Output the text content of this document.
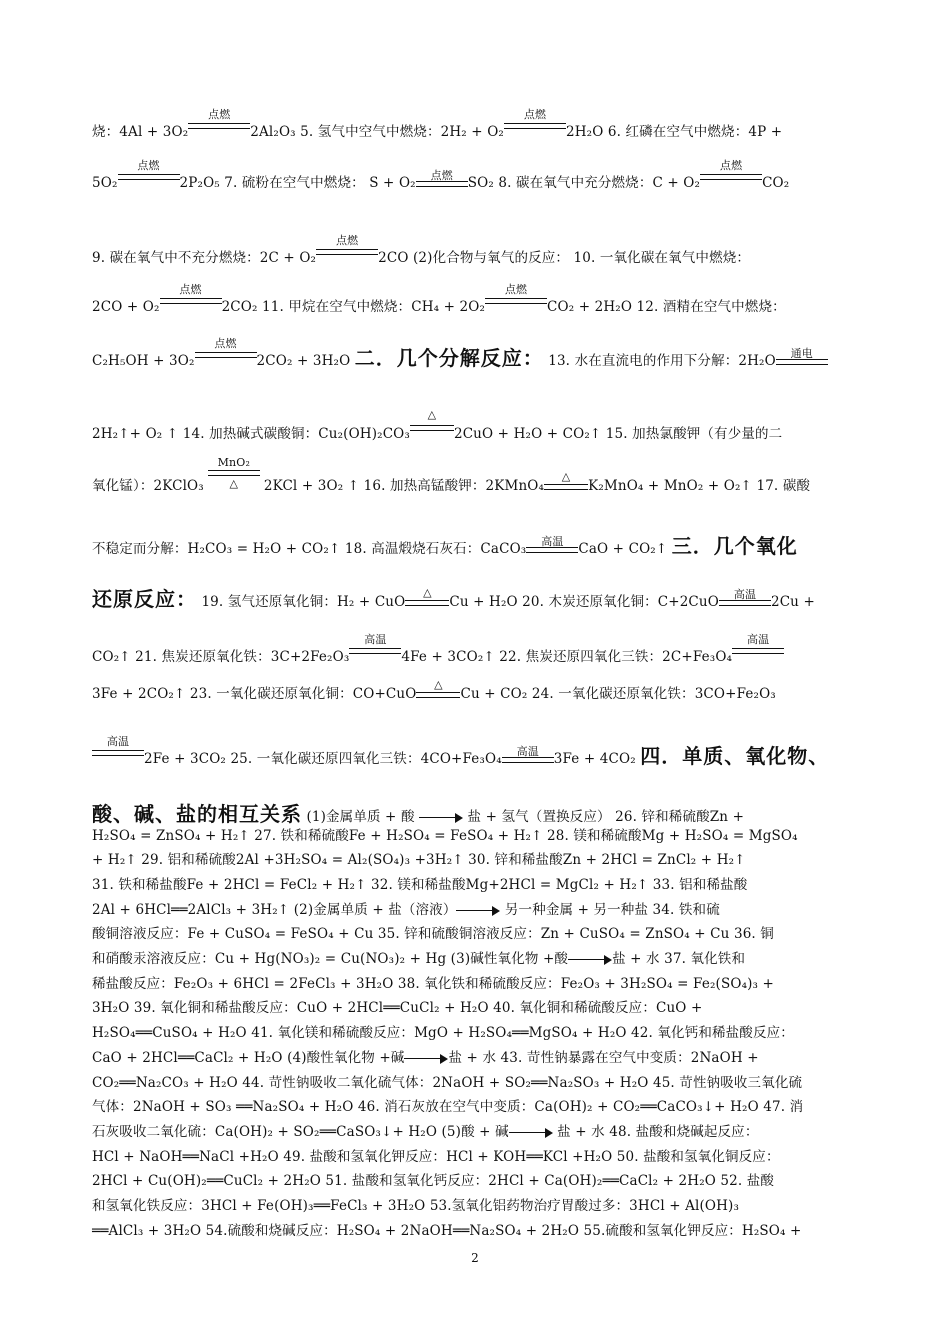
烧：4Al + 3O₂
点燃
2Al₂O₃ 5. 氢气中空气中燃烧：2H₂ + O₂
点燃
2H₂O 6. 红磷在空气中燃烧：4P +
5O₂
点燃
2P₂O₅ 7. 硫粉在空气中燃烧： S + O₂	点燃	SO₂ 8. 碳在氧气中充分燃烧：C + O₂
点燃
CO₂
9. 碳在氧气中不充分燃烧：2C + O₂
点燃
2CO (2)化合物与氧气的反应： 10. 一氧化碳在氧气中燃烧：
2CO + O₂
点燃
2CO₂ 11. 甲烷在空气中燃烧：CH₄ + 2O₂
点燃
CO₂ + 2H₂O 12. 酒精在空气中燃烧：
C₂H₅OH + 3O₂
点燃
2CO₂ + 3H₂O 二．几个分解反应： 13. 水在直流电的作用下分解：2H₂O	通电
2H₂↑+ O₂ ↑ 14. 加热碱式碳酸铜：Cu₂(OH)₂CO₃
△
2CuO + H₂O + CO₂↑ 15. 加热氯酸钾（有少量的二
氧化锰）：2KClO₃
MnO₂
△	2KCl + 3O₂ ↑ 16. 加热高锰酸钾：2KMnO₄
△
K₂MnO₄ + MnO₂ + O₂↑ 17. 碳酸
不稳定而分解：H₂CO₃ = H₂O + CO₂↑ 18. 高温煅烧石灰石：CaCO₃	高温	CaO + CO₂↑ 三．几个氧化
还原反应： 19. 氢气还原氧化铜：H₂ + CuO
△
Cu + H₂O 20. 木炭还原氧化铜：C+2CuO	高温	2Cu +
CO₂↑ 21. 焦炭还原氧化铁：3C+2Fe₂O₃
高温
4Fe + 3CO₂↑ 22. 焦炭还原四氧化三铁：2C+Fe₃O₄
高温
3Fe + 2CO₂↑ 23. 一氧化碳还原氧化铜：CO+CuO
△
Cu + CO₂ 24. 一氧化碳还原氧化铁：3CO+Fe₂O₃
高温
2Fe + 3CO₂ 25. 一氧化碳还原四氧化三铁：4CO+Fe₃O₄	高温	3Fe + 4CO₂ 四．单质、氧化物、
酸、碱、盐的相互关系 (1)金属单质 + 酸	盐 + 氢气（置换反应） 26. 锌和稀硫酸Zn +
H₂SO₄ = ZnSO₄ + H₂↑ 27. 铁和稀硫酸Fe + H₂SO₄ = FeSO₄ + H₂↑ 28. 镁和稀硫酸Mg + H₂SO₄ = MgSO₄
+ H₂↑ 29. 铝和稀硫酸2Al +3H₂SO₄ = Al₂(SO₄)₃ +3H₂↑ 30. 锌和稀盐酸Zn + 2HCl = ZnCl₂ + H₂↑
31. 铁和稀盐酸Fe + 2HCl = FeCl₂ + H₂↑ 32. 镁和稀盐酸Mg+2HCl = MgCl₂ + H₂↑ 33. 铝和稀盐酸
2Al + 6HCl══2AlCl₃ + 3H₂↑ (2)金属单质 + 盐（溶液）	另一种金属 + 另一种盐 34. 铁和硫
酸铜溶液反应：Fe + CuSO₄ = FeSO₄ + Cu 35. 锌和硫酸铜溶液反应：Zn + CuSO₄ = ZnSO₄ + Cu 36. 铜
和硝酸汞溶液反应：Cu + Hg(NO₃)₂ = Cu(NO₃)₂ + Hg (3)碱性氧化物 +酸	盐 + 水 37. 氧化铁和
稀盐酸反应：Fe₂O₃ + 6HCl = 2FeCl₃ + 3H₂O 38. 氧化铁和稀硫酸反应：Fe₂O₃ + 3H₂SO₄ = Fe₂(SO₄)₃ +
3H₂O 39. 氧化铜和稀盐酸反应：CuO + 2HCl══CuCl₂ + H₂O 40. 氧化铜和稀硫酸反应：CuO +
H₂SO₄══CuSO₄ + H₂O 41. 氧化镁和稀硫酸反应：MgO + H₂SO₄══MgSO₄ + H₂O 42. 氧化钙和稀盐酸反应：
CaO + 2HCl══CaCl₂ + H₂O (4)酸性氧化物 +碱	盐 + 水 43. 苛性钠暴露在空气中变质：2NaOH +
CO₂══Na₂CO₃ + H₂O 44. 苛性钠吸收二氧化硫气体：2NaOH + SO₂══Na₂SO₃ + H₂O 45. 苛性钠吸收三氧化硫
气体：2NaOH + SO₃ ══Na₂SO₄ + H₂O 46. 消石灰放在空气中变质：Ca(OH)₂ + CO₂══CaCO₃↓+ H₂O 47. 消
石灰吸收二氧化硫：Ca(OH)₂ + SO₂══CaSO₃↓+ H₂O (5)酸 + 碱	盐 + 水 48. 盐酸和烧碱起反应：
HCl + NaOH══NaCl +H₂O 49. 盐酸和氢氧化钾反应：HCl + KOH══KCl +H₂O 50. 盐酸和氢氧化铜反应：
2HCl + Cu(OH)₂══CuCl₂ + 2H₂O 51. 盐酸和氢氧化钙反应：2HCl + Ca(OH)₂══CaCl₂ + 2H₂O 52. 盐酸
和氢氧化铁反应：3HCl + Fe(OH)₃══FeCl₃ + 3H₂O 53.氢氧化铝药物治疗胃酸过多：3HCl + Al(OH)₃
══AlCl₃ + 3H₂O 54.硫酸和烧碱反应：H₂SO₄ + 2NaOH══Na₂SO₄ + 2H₂O 55.硫酸和氢氧化钾反应：H₂SO₄ +
2
